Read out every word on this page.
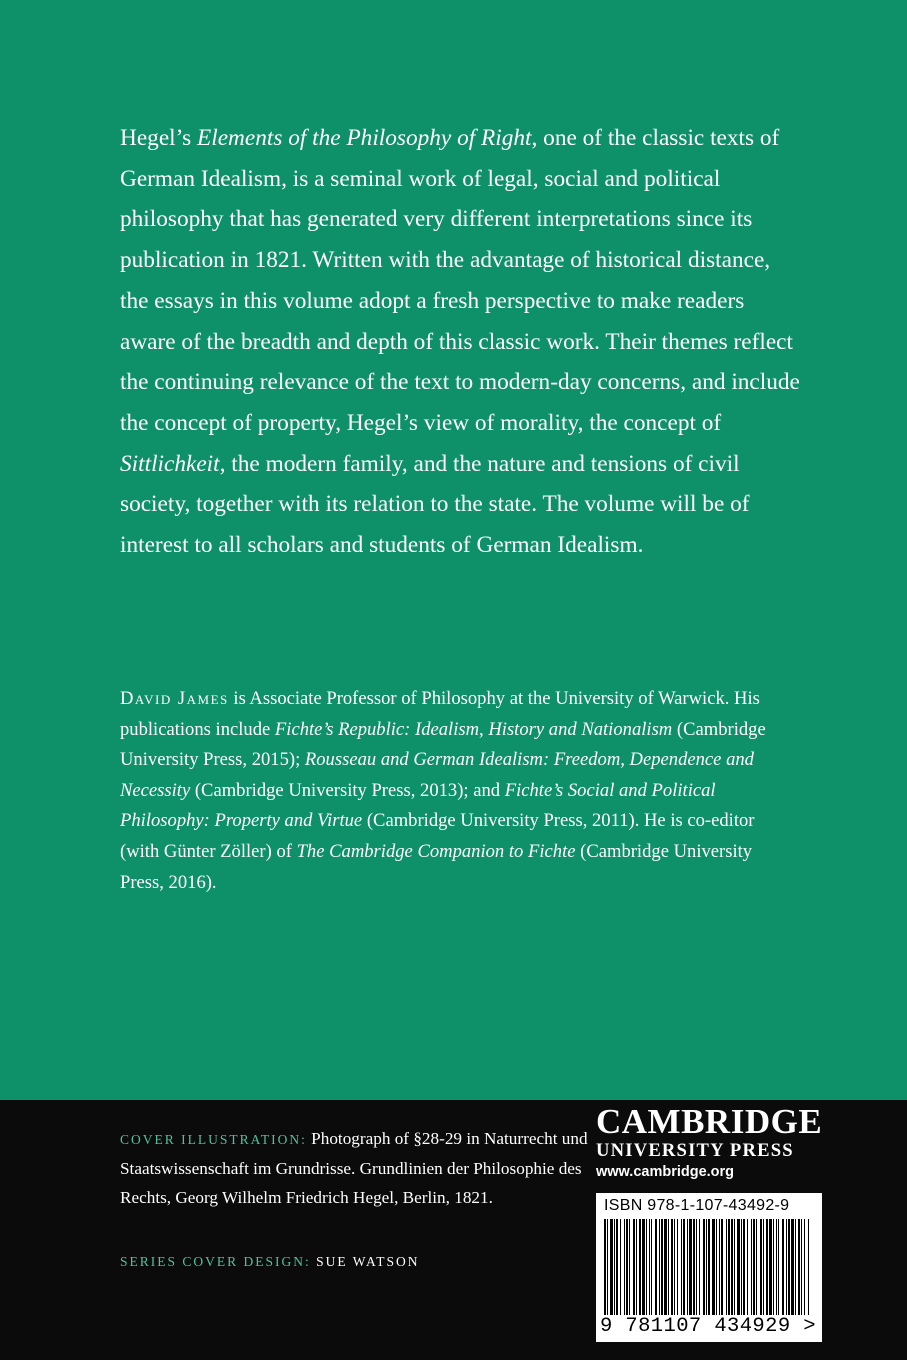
Hegel’s Elements of the Philosophy of Right, one of the classic texts of German Idealism, is a seminal work of legal, social and political philosophy that has generated very different interpretations since its publication in 1821. Written with the advantage of historical distance, the essays in this volume adopt a fresh perspective to make readers aware of the breadth and depth of this classic work. Their themes reflect the continuing relevance of the text to modern-day concerns, and include the concept of property, Hegel’s view of morality, the concept of Sittlichkeit, the modern family, and the nature and tensions of civil society, together with its relation to the state. The volume will be of interest to all scholars and students of German Idealism.

David James is Associate Professor of Philosophy at the University of Warwick. His publications include Fichte’s Republic: Idealism, History and Nationalism (Cambridge University Press, 2015); Rousseau and German Idealism: Freedom, Dependence and Necessity (Cambridge University Press, 2013); and Fichte’s Social and Political Philosophy: Property and Virtue (Cambridge University Press, 2011). He is co-editor (with Günter Zöller) of The Cambridge Companion to Fichte (Cambridge University Press, 2016).

COVER ILLUSTRATION: Photograph of §28-29 in Naturrecht und Staatswissenschaft im Grundrisse. Grundlinien der Philosophie des Rechts, Georg Wilhelm Friedrich Hegel, Berlin, 1821.

SERIES COVER DESIGN: SUE WATSON
CAMBRIDGE
UNIVERSITY PRESS
www.cambridge.org
ISBN 978-1-107-43492-9
9 781107 434929 >
